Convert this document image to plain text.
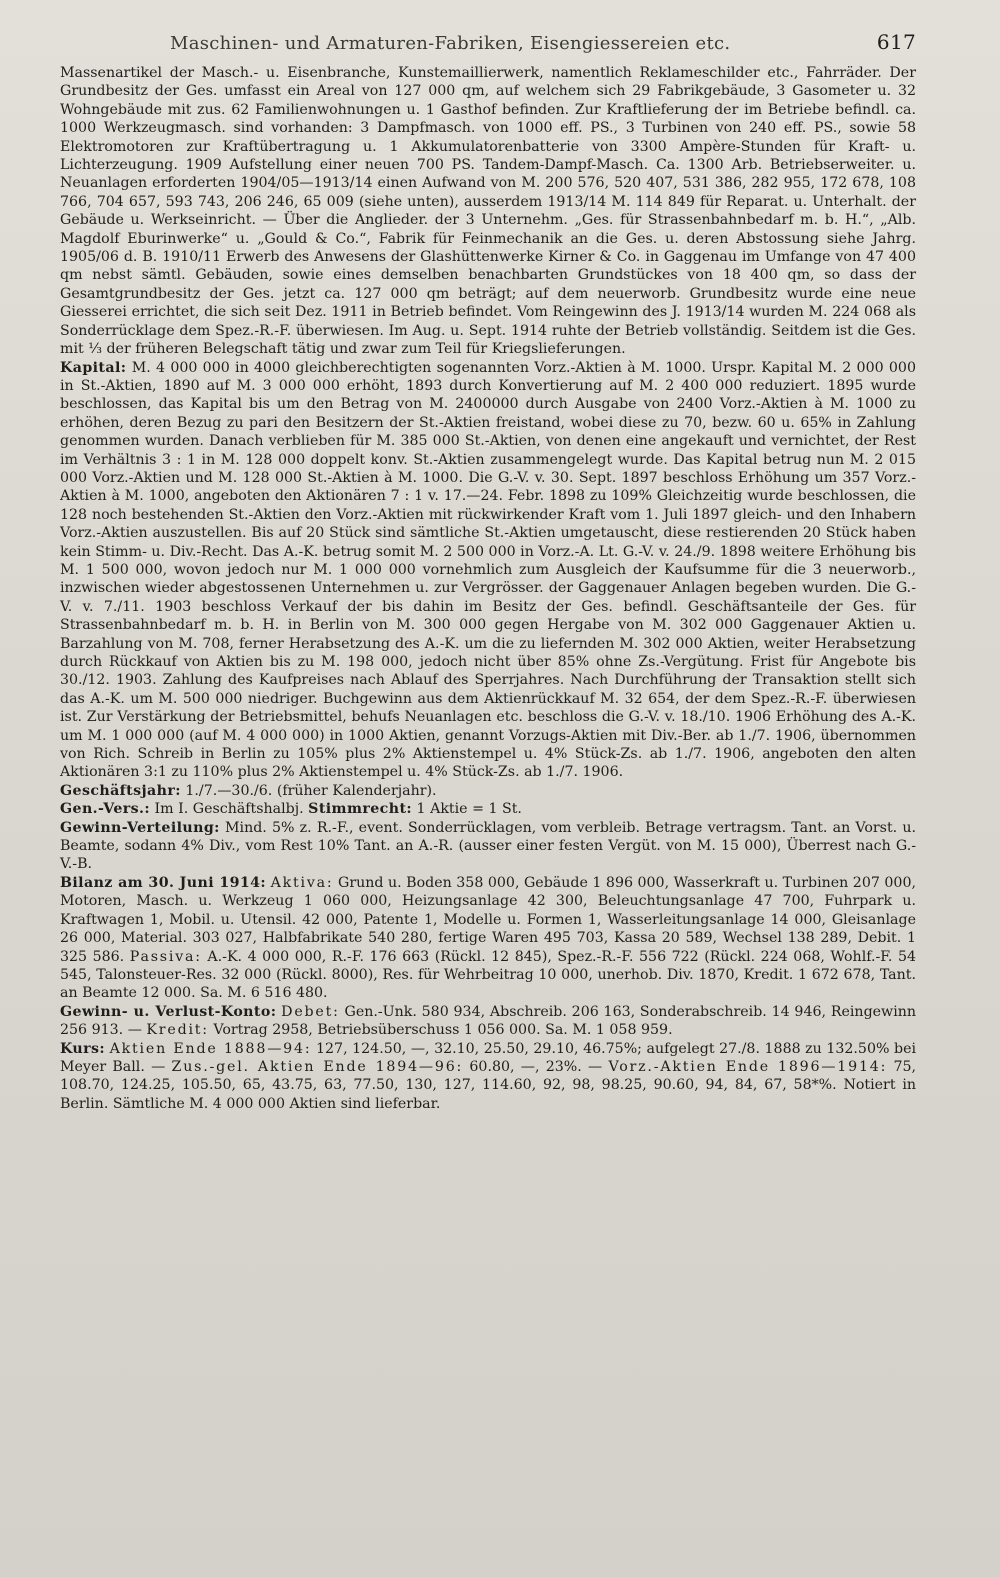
Maschinen- und Armaturen-Fabriken, Eisengiessereien etc.	617

Massenartikel der Masch.- u. Eisenbranche, Kunstemaillierwerk, namentlich Reklameschilder etc., Fahrräder. Der Grundbesitz der Ges. umfasst ein Areal von 127 000 qm, auf welchem sich 29 Fabrikgebäude, 3 Gasometer u. 32 Wohngebäude mit zus. 62 Familienwohnungen u. 1 Gasthof befinden. Zur Kraftlieferung der im Betriebe befindl. ca. 1000 Werkzeugmasch. sind vorhanden: 3 Dampfmasch. von 1000 eff. PS., 3 Turbinen von 240 eff. PS., sowie 58 Elektromotoren zur Kraftübertragung u. 1 Akkumulatorenbatterie von 3300 Ampère-Stunden für Kraft- u. Lichterzeugung. 1909 Aufstellung einer neuen 700 PS. Tandem-Dampf-Masch. Ca. 1300 Arb. Betriebserweiter. u. Neuanlagen erforderten 1904/05—1913/14 einen Aufwand von M. 200 576, 520 407, 531 386, 282 955, 172 678, 108 766, 704 657, 593 743, 206 246, 65 009 (siehe unten), ausserdem 1913/14 M. 114 849 für Reparat. u. Unterhalt. der Gebäude u. Werkseinricht. — Über die Anglieder. der 3 Unternehm. „Ges. für Strassenbahnbedarf m. b. H.“, „Alb. Magdolf Eburinwerke“ u. „Gould & Co.“, Fabrik für Feinmechanik an die Ges. u. deren Abstossung siehe Jahrg. 1905/06 d. B. 1910/11 Erwerb des Anwesens der Glashüttenwerke Kirner & Co. in Gaggenau im Umfange von 47 400 qm nebst sämtl. Gebäuden, sowie eines demselben benachbarten Grundstückes von 18 400 qm, so dass der Gesamtgrundbesitz der Ges. jetzt ca. 127 000 qm beträgt; auf dem neuerworb. Grundbesitz wurde eine neue Giesserei errichtet, die sich seit Dez. 1911 in Betrieb befindet. Vom Reingewinn des J. 1913/14 wurden M. 224 068 als Sonderrücklage dem Spez.-R.-F. überwiesen. Im Aug. u. Sept. 1914 ruhte der Betrieb vollständig. Seitdem ist die Ges. mit ⅓ der früheren Belegschaft tätig und zwar zum Teil für Kriegslieferungen.

Kapital: M. 4 000 000 in 4000 gleichberechtigten sogenannten Vorz.-Aktien à M. 1000. Urspr. Kapital M. 2 000 000 in St.-Aktien, 1890 auf M. 3 000 000 erhöht, 1893 durch Konvertierung auf M. 2 400 000 reduziert. 1895 wurde beschlossen, das Kapital bis um den Betrag von M. 2400000 durch Ausgabe von 2400 Vorz.-Aktien à M. 1000 zu erhöhen, deren Bezug zu pari den Besitzern der St.-Aktien freistand, wobei diese zu 70, bezw. 60 u. 65% in Zahlung genommen wurden. Danach verblieben für M. 385 000 St.-Aktien, von denen eine angekauft und vernichtet, der Rest im Verhältnis 3 : 1 in M. 128 000 doppelt konv. St.-Aktien zusammengelegt wurde. Das Kapital betrug nun M. 2 015 000 Vorz.-Aktien und M. 128 000 St.-Aktien à M. 1000. Die G.-V. v. 30. Sept. 1897 beschloss Erhöhung um 357 Vorz.-Aktien à M. 1000, angeboten den Aktionären 7 : 1 v. 17.—24. Febr. 1898 zu 109% Gleichzeitig wurde beschlossen, die 128 noch bestehenden St.-Aktien den Vorz.-Aktien mit rückwirkender Kraft vom 1. Juli 1897 gleich- und den Inhabern Vorz.-Aktien auszustellen. Bis auf 20 Stück sind sämtliche St.-Aktien umgetauscht, diese restierenden 20 Stück haben kein Stimm- u. Div.-Recht. Das A.-K. betrug somit M. 2 500 000 in Vorz.-A. Lt. G.-V. v. 24./9. 1898 weitere Erhöhung bis M. 1 500 000, wovon jedoch nur M. 1 000 000 vornehmlich zum Ausgleich der Kaufsumme für die 3 neuerworb., inzwischen wieder abgestossenen Unternehmen u. zur Vergrösser. der Gaggenauer Anlagen begeben wurden. Die G.-V. v. 7./11. 1903 beschloss Verkauf der bis dahin im Besitz der Ges. befindl. Geschäftsanteile der Ges. für Strassenbahnbedarf m. b. H. in Berlin von M. 300 000 gegen Hergabe von M. 302 000 Gaggenauer Aktien u. Barzahlung von M. 708, ferner Herabsetzung des A.-K. um die zu liefernden M. 302 000 Aktien, weiter Herabsetzung durch Rückkauf von Aktien bis zu M. 198 000, jedoch nicht über 85% ohne Zs.-Vergütung. Frist für Angebote bis 30./12. 1903. Zahlung des Kaufpreises nach Ablauf des Sperrjahres. Nach Durchführung der Transaktion stellt sich das A.-K. um M. 500 000 niedriger. Buchgewinn aus dem Aktienrückkauf M. 32 654, der dem Spez.-R.-F. überwiesen ist. Zur Verstärkung der Betriebsmittel, behufs Neuanlagen etc. beschloss die G.-V. v. 18./10. 1906 Erhöhung des A.-K. um M. 1 000 000 (auf M. 4 000 000) in 1000 Aktien, genannt Vorzugs-Aktien mit Div.-Ber. ab 1./7. 1906, übernommen von Rich. Schreib in Berlin zu 105% plus 2% Aktienstempel u. 4% Stück-Zs. ab 1./7. 1906, angeboten den alten Aktionären 3:1 zu 110% plus 2% Aktienstempel u. 4% Stück-Zs. ab 1./7. 1906.

Geschäftsjahr: 1./7.—30./6. (früher Kalenderjahr).

Gen.-Vers.: Im I. Geschäftshalbj. Stimmrecht: 1 Aktie = 1 St.

Gewinn-Verteilung: Mind. 5% z. R.-F., event. Sonderrücklagen, vom verbleib. Betrage vertragsm. Tant. an Vorst. u. Beamte, sodann 4% Div., vom Rest 10% Tant. an A.-R. (ausser einer festen Vergüt. von M. 15 000), Überrest nach G.-V.-B.

Bilanz am 30. Juni 1914: Aktiva: Grund u. Boden 358 000, Gebäude 1 896 000, Wasserkraft u. Turbinen 207 000, Motoren, Masch. u. Werkzeug 1 060 000, Heizungsanlage 42 300, Beleuchtungsanlage 47 700, Fuhrpark u. Kraftwagen 1, Mobil. u. Utensil. 42 000, Patente 1, Modelle u. Formen 1, Wasserleitungsanlage 14 000, Gleisanlage 26 000, Material. 303 027, Halbfabrikate 540 280, fertige Waren 495 703, Kassa 20 589, Wechsel 138 289, Debit. 1 325 586. Passiva: A.-K. 4 000 000, R.-F. 176 663 (Rückl. 12 845), Spez.-R.-F. 556 722 (Rückl. 224 068, Wohlf.-F. 54 545, Talonsteuer-Res. 32 000 (Rückl. 8000), Res. für Wehrbeitrag 10 000, unerhob. Div. 1870, Kredit. 1 672 678, Tant. an Beamte 12 000. Sa. M. 6 516 480.

Gewinn- u. Verlust-Konto: Debet: Gen.-Unk. 580 934, Abschreib. 206 163, Sonderabschreib. 14 946, Reingewinn 256 913. — Kredit: Vortrag 2958, Betriebsüberschuss 1 056 000. Sa. M. 1 058 959.

Kurs: Aktien Ende 1888—94: 127, 124.50, —, 32.10, 25.50, 29.10, 46.75%; aufgelegt 27./8. 1888 zu 132.50% bei Meyer Ball. — Zus.-gel. Aktien Ende 1894—96: 60.80, —, 23%. — Vorz.-Aktien Ende 1896—1914: 75, 108.70, 124.25, 105.50, 65, 43.75, 63, 77.50, 130, 127, 114.60, 92, 98, 98.25, 90.60, 94, 84, 67, 58*%. Notiert in Berlin. Sämtliche M. 4 000 000 Aktien sind lieferbar.
